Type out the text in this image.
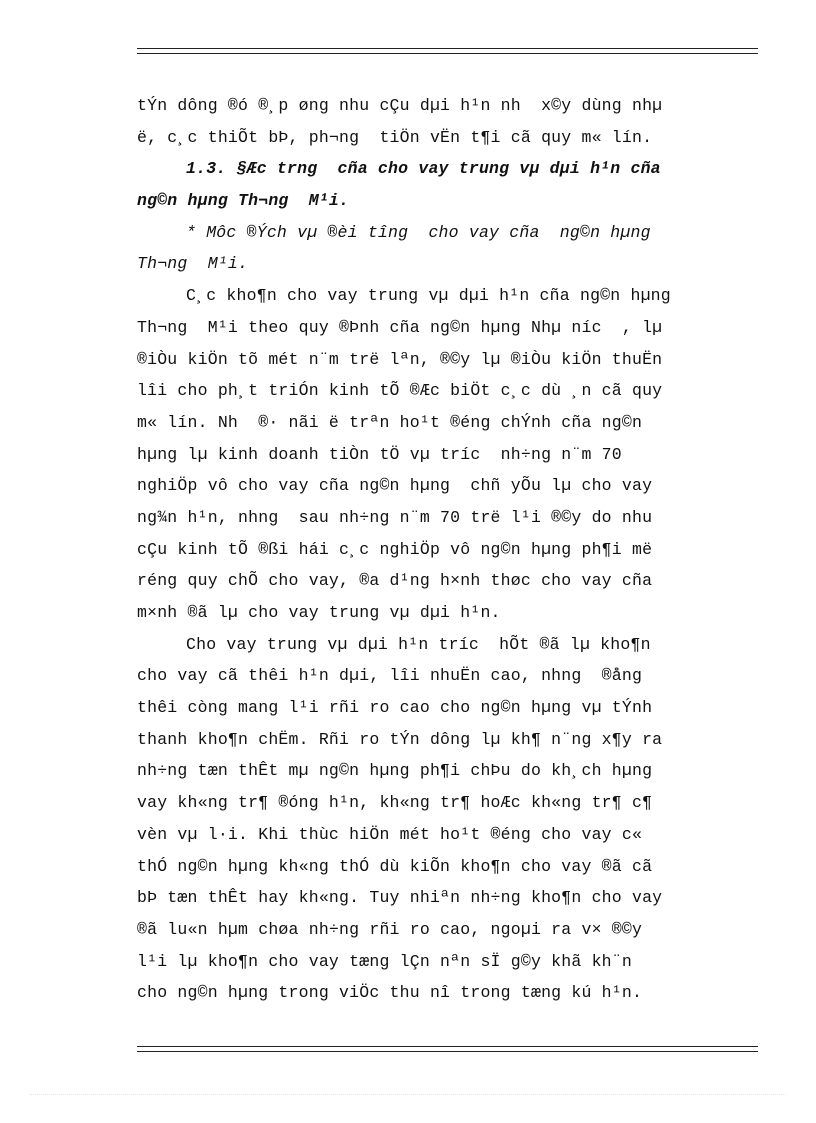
tÝn dông ®ó ®¸p øng nhu cÇu dµi h¹n nh  x©y dùng nhµ
ë, c¸c thiÕt bÞ, ph¬ng  tiÖn vËn t¶i cã quy m« lín.
1.3. §Æc trng  cña cho vay trung vµ dµi h¹n cña
ng©n hµng Th¬ng  M¹i.
* Môc ®Ých vµ ®èi tîng  cho vay cña  ng©n hµng
Th¬ng  M¹i.
C¸c kho¶n cho vay trung vµ dµi h¹n cña ng©n hµng
Th¬ng  M¹i theo quy ®Þnh cña ng©n hµng Nhµ níc  , lµ
®iÒu kiÖn tõ mét n¨m trë lªn, ®©y lµ ®iÒu kiÖn thuËn
lîi cho ph¸t triÓn kinh tÕ ®Æc biÖt c¸c dù ¸n cã quy
m« lín. Nh  ®· nãi ë trªn ho¹t ®éng chÝnh cña ng©n
hµng lµ kinh doanh tiÒn tÖ vµ tríc  nh÷ng n¨m 70
nghiÖp vô cho vay cña ng©n hµng  chñ yÕu lµ cho vay
ng¾n h¹n, nhng  sau nh÷ng n¨m 70 trë l¹i ®©y do nhu
cÇu kinh tÕ ®ßi hái c¸c nghiÖp vô ng©n hµng ph¶i më
réng quy chÕ cho vay, ®a d¹ng h×nh thøc cho vay cña
m×nh ®ã lµ cho vay trung vµ dµi h¹n.
Cho vay trung vµ dµi h¹n tríc  hÕt ®ã lµ kho¶n
cho vay cã thêi h¹n dµi, lîi nhuËn cao, nhng  ®ång
thêi còng mang l¹i rñi ro cao cho ng©n hµng vµ tÝnh
thanh kho¶n chËm. Rñi ro tÝn dông lµ kh¶ n¨ng x¶y ra
nh÷ng tæn thÊt mµ ng©n hµng ph¶i chÞu do kh¸ch hµng
vay kh«ng tr¶ ®óng h¹n, kh«ng tr¶ hoÆc kh«ng tr¶ c¶
vèn vµ l·i. Khi thùc hiÖn mét ho¹t ®éng cho vay c«
thÓ ng©n hµng kh«ng thÓ dù kiÕn kho¶n cho vay ®ã cã
bÞ tæn thÊt hay kh«ng. Tuy nhiªn nh÷ng kho¶n cho vay
®ã lu«n hµm chøa nh÷ng rñi ro cao, ngoµi ra v× ®©y
l¹i lµ kho¶n cho vay tæng lÇn nªn sÏ g©y khã kh¨n
cho ng©n hµng trong viÖc thu nî trong tæng kú h¹n.
